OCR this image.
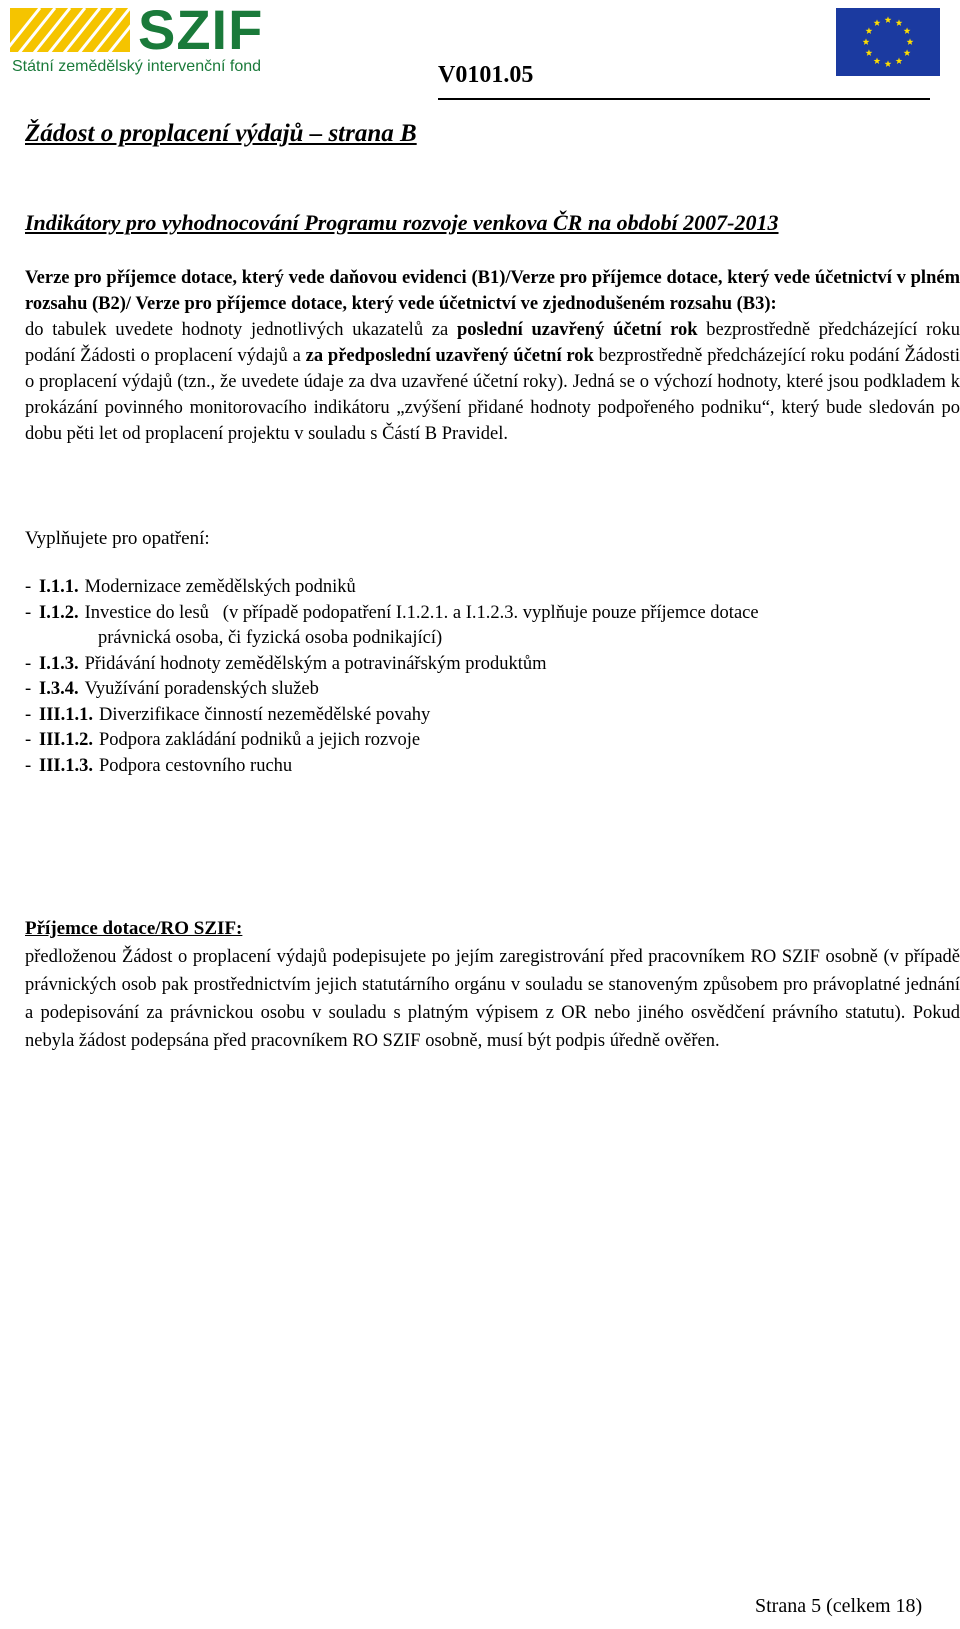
SZIF
Státní zemědělský intervenční fond	V0101.05
Žádost o proplacení výdajů – strana B
Indikátory pro vyhodnocování Programu rozvoje venkova ČR na období 2007-2013

Verze pro příjemce dotace, který vede daňovou evidenci (B1)/Verze pro příjemce dotace, který vede účetnictví v plném rozsahu (B2)/ Verze pro příjemce dotace, který vede účetnictví ve zjednodušeném rozsahu (B3):

do tabulek uvedete hodnoty jednotlivých ukazatelů za poslední uzavřený účetní rok bezprostředně předcházející roku podání Žádosti o proplacení výdajů a za předposlední uzavřený účetní rok bezprostředně předcházející roku podání Žádosti o proplacení výdajů (tzn., že uvedete údaje za dva uzavřené účetní roky). Jedná se o výchozí hodnoty, které jsou podkladem k prokázání povinného monitorovacího indikátoru „zvýšení přidané hodnoty podpořeného podniku“, který bude sledován po dobu pěti let od proplacení projektu v souladu s Částí B Pravidel.

Vyplňujete pro opatření:
- I.1.1. Modernizace zemědělských podniků
- I.1.2. Investice do lesů   (v případě podopatření I.1.2.1. a I.1.2.3. vyplňuje pouze příjemce dotace
právnická osoba, či fyzická osoba podnikající)
- I.1.3. Přidávání hodnoty zemědělským a potravinářským produktům
- I.3.4. Využívání poradenských služeb
- III.1.1. Diverzifikace činností nezemědělské povahy
- III.1.2. Podpora zakládání podniků a jejich rozvoje
- III.1.3. Podpora cestovního ruchu
Příjemce dotace/RO SZIF:

předloženou Žádost o proplacení výdajů podepisujete po jejím zaregistrování před pracovníkem RO SZIF osobně (v případě právnických osob pak prostřednictvím jejich statutárního orgánu v souladu se stanoveným způsobem pro právoplatné jednání a podepisování za právnickou osobu v souladu s platným výpisem z OR nebo jiného osvědčení právního statutu). Pokud nebyla žádost podepsána před pracovníkem RO SZIF osobně, musí být podpis úředně ověřen.

Strana 5 (celkem 18)
